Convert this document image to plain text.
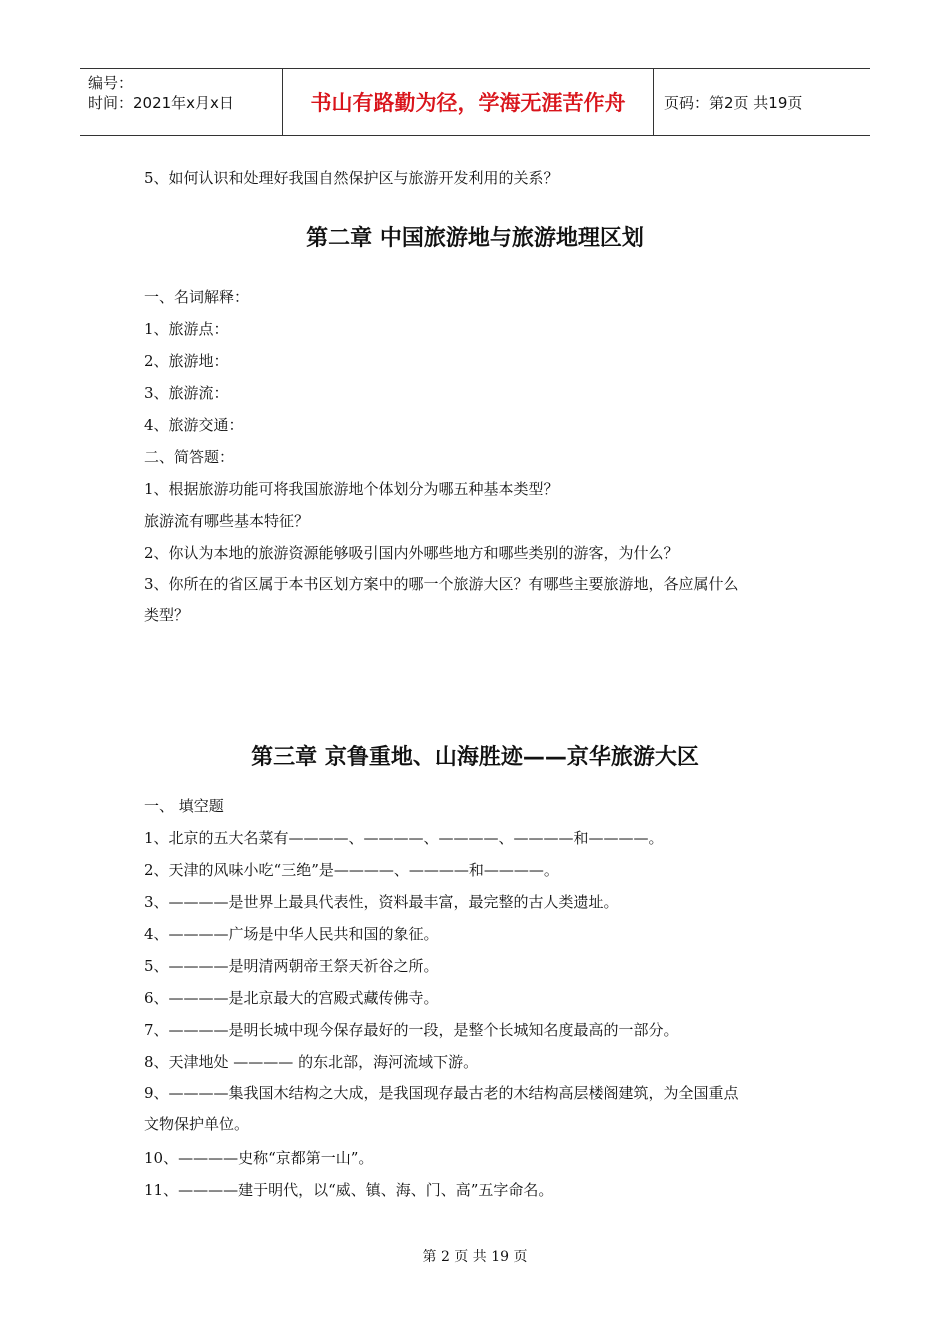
编号：
时间：2021年x月x日	书山有路勤为径，学海无涯苦作舟	页码：第2页 共19页
5、如何认识和处理好我国自然保护区与旅游开发利用的关系？
第二章 中国旅游地与旅游地理区划
一、名词解释：
1、旅游点：
2、旅游地：
3、旅游流：
4、旅游交通：
二、简答题：
1、根据旅游功能可将我国旅游地个体划分为哪五种基本类型？
旅游流有哪些基本特征？
2、你认为本地的旅游资源能够吸引国内外哪些地方和哪些类别的游客，为什么？
3、你所在的省区属于本书区划方案中的哪一个旅游大区？有哪些主要旅游地，各应属什么
类型？
第三章 京鲁重地、山海胜迹——京华旅游大区
一、 填空题
1、北京的五大名菜有————、————、————、————和————。
2、天津的风味小吃“三绝”是————、————和————。
3、————是世界上最具代表性，资料最丰富，最完整的古人类遗址。
4、————广场是中华人民共和国的象征。
5、————是明清两朝帝王祭天祈谷之所。
6、————是北京最大的宫殿式藏传佛寺。
7、————是明长城中现今保存最好的一段，是整个长城知名度最高的一部分。
8、天津地处 ———— 的东北部，海河流域下游。
9、————集我国木结构之大成，是我国现存最古老的木结构高层楼阁建筑，为全国重点
文物保护单位。
10、————史称“京都第一山”。
11、————建于明代，以“威、镇、海、门、高”五字命名。
第 2 页 共 19 页
